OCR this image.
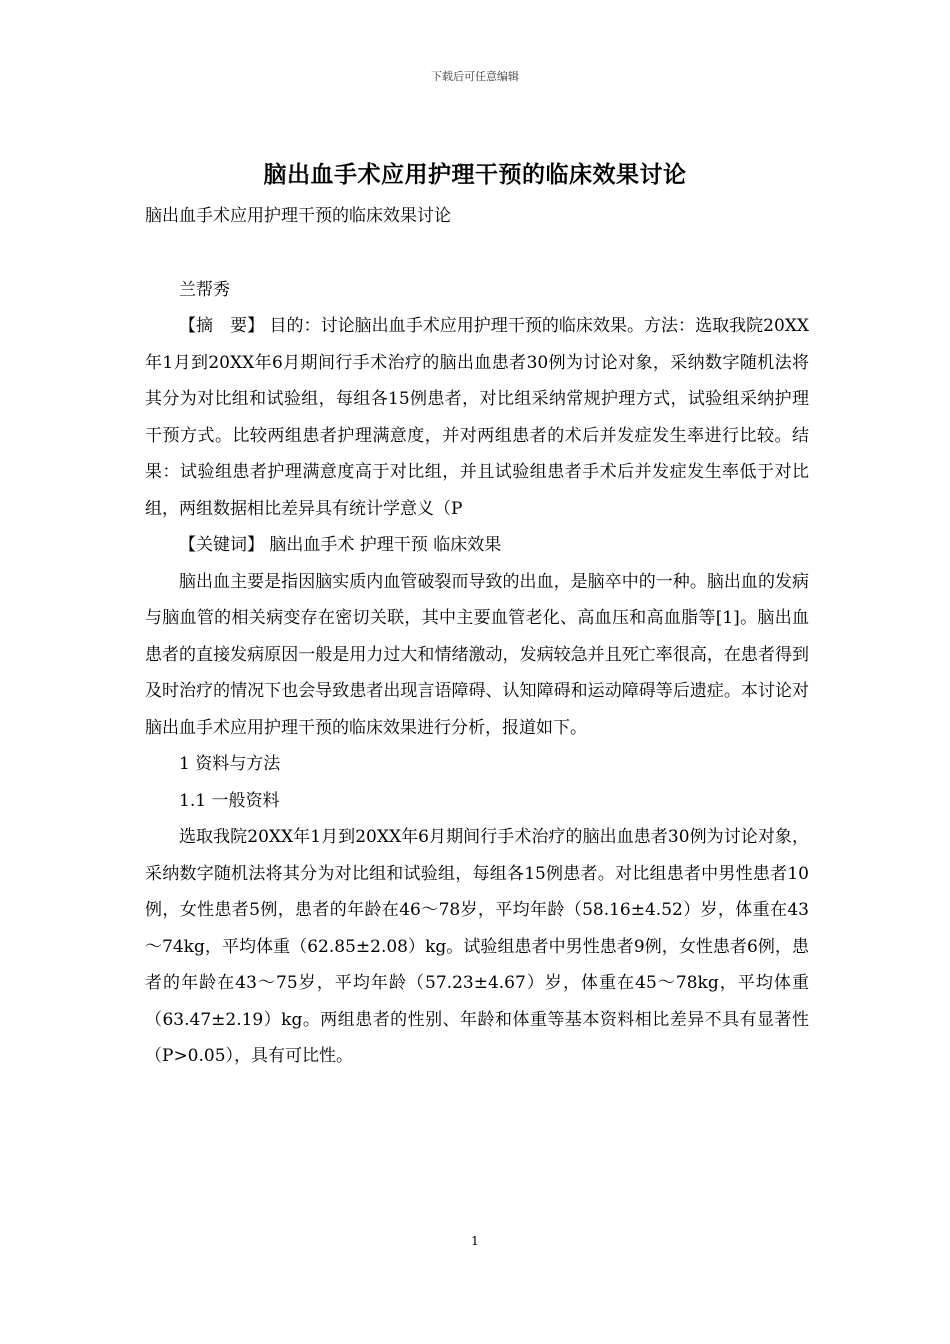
下载后可任意编辑
脑出血手术应用护理干预的临床效果讨论

脑出血手术应用护理干预的临床效果讨论

兰帮秀

【摘　要】 目的：讨论脑出血手术应用护理干预的临床效果。方法：选取我院20XX年1月到20XX年6月期间行手术治疗的脑出血患者30例为讨论对象，采纳数字随机法将其分为对比组和试验组，每组各15例患者，对比组采纳常规护理方式，试验组采纳护理干预方式。比较两组患者护理满意度，并对两组患者的术后并发症发生率进行比较。结果：试验组患者护理满意度高于对比组，并且试验组患者手术后并发症发生率低于对比组，两组数据相比差异具有统计学意义（P

【关键词】 脑出血手术 护理干预 临床效果

脑出血主要是指因脑实质内血管破裂而导致的出血，是脑卒中的一种。脑出血的发病与脑血管的相关病变存在密切关联，其中主要血管老化、高血压和高血脂等[1]。脑出血患者的直接发病原因一般是用力过大和情绪激动，发病较急并且死亡率很高，在患者得到及时治疗的情况下也会导致患者出现言语障碍、认知障碍和运动障碍等后遗症。本讨论对脑出血手术应用护理干预的临床效果进行分析，报道如下。

1 资料与方法

1.1 一般资料

选取我院20XX年1月到20XX年6月期间行手术治疗的脑出血患者30例为讨论对象，采纳数字随机法将其分为对比组和试验组，每组各15例患者。对比组患者中男性患者10例，女性患者5例，患者的年龄在46～78岁，平均年龄（58.16±4.52）岁，体重在43～74kg，平均体重（62.85±2.08）kg。试验组患者中男性患者9例，女性患者6例，患者的年龄在43～75岁，平均年龄（57.23±4.67）岁，体重在45～78kg，平均体重（63.47±2.19）kg。两组患者的性别、年龄和体重等基本资料相比差异不具有显著性（P>0.05），具有可比性。

1
